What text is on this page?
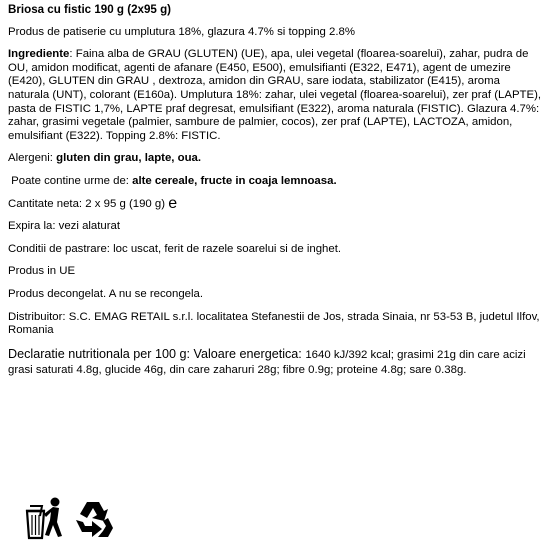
Briosa cu fistic 190 g (2x95 g)

Produs de patiserie cu umplutura 18%, glazura 4.7% si topping 2.8%

Ingrediente: Faina alba de GRAU (GLUTEN) (UE), apa, ulei vegetal (floarea-soarelui), zahar, pudra de OU, amidon modificat, agenti de afanare (E450, E500), emulsifianti (E322, E471), agent de umezire (E420), GLUTEN din GRAU , dextroza, amidon din GRAU, sare iodata, stabilizator (E415), aroma naturala (UNT), colorant (E160a). Umplutura 18%: zahar, ulei vegetal (floarea-soarelui), zer praf (LAPTE), pasta de FISTIC 1,7%, LAPTE praf degresat, emulsifiant (E322), aroma naturala (FISTIC). Glazura 4.7%: zahar, grasimi vegetale (palmier, sambure de palmier, cocos), zer praf (LAPTE), LACTOZA, amidon, emulsifiant (E322). Topping 2.8%: FISTIC.

Alergeni: gluten din grau, lapte, oua.

Poate contine urme de: alte cereale, fructe in coaja lemnoasa.

Cantitate neta: 2 x 95 g (190 g) e

Expira la: vezi alaturat

Conditii de pastrare: loc uscat, ferit de razele soarelui si de inghet.

Produs in UE

Produs decongelat. A nu se recongela.

Distribuitor: S.C. EMAG RETAIL s.r.l. localitatea Stefanestii de Jos, strada Sinaia, nr 53-53 B, judetul Ilfov, Romania

Declaratie nutritionala per 100 g: Valoare energetica: 1640 kJ/392 kcal; grasimi 21g din care acizi grasi saturati 4.8g, glucide 46g, din care zaharuri 28g; fibre 0.9g; proteine 4.8g; sare 0.38g.
